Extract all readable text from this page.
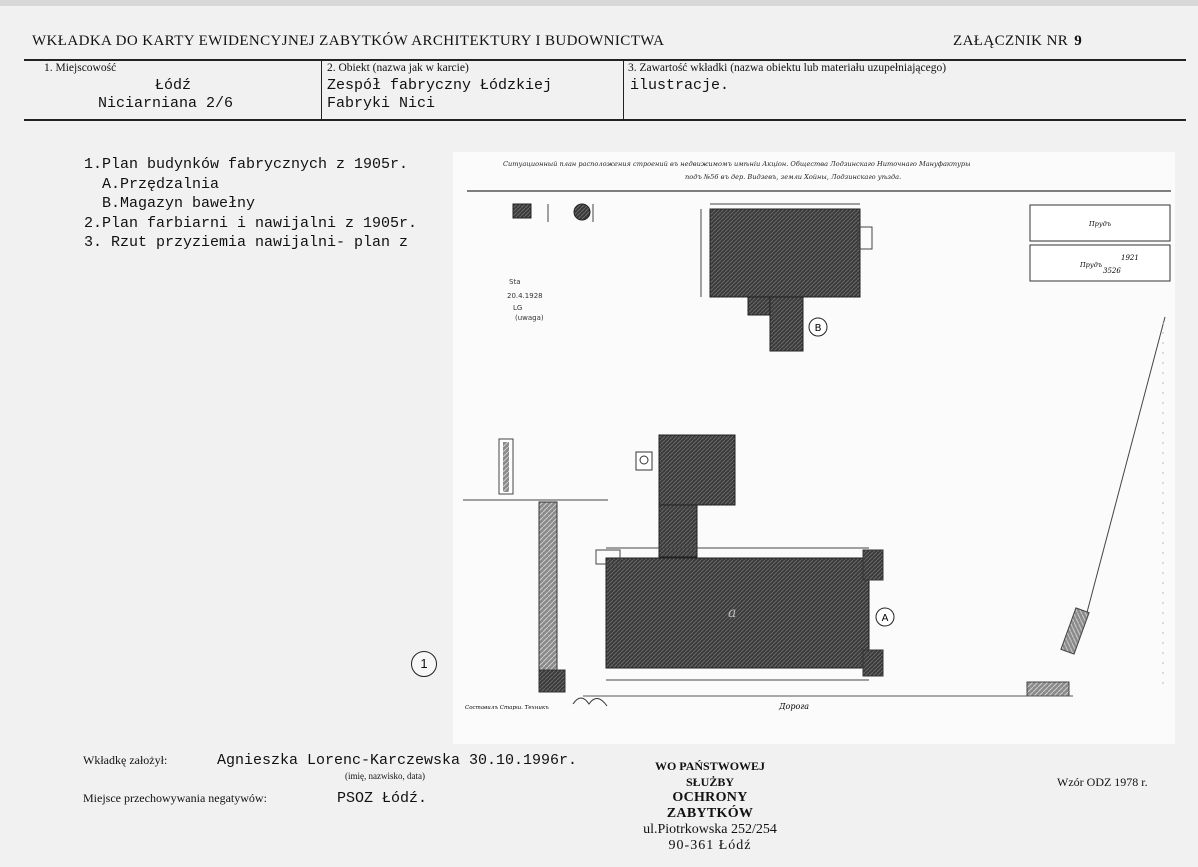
WKŁADKA DO KARTY EWIDENCYJNEJ ZABYTKÓW ARCHITEKTURY I BUDOWNICTWA	ZAŁĄCZNIK NR 9
1. Miejscowość
Łódź
Niciarniana 2/6
2. Obiekt (nazwa jak w karcie)
Zespół fabryczny Łódzkiej
Fabryki Nici
3. Zawartość wkładki (nazwa obiektu lub materiału uzupełniającego)
ilustracje.
1.Plan budynków fabrycznych z 1905r.
A.Przędzalnia
B.Magazyn bawełny
2.Plan farbiarni i nawijalni z 1905r.
3. Rzut przyziemia nawijalni- plan z
Ситуационный план расположения строений въ недвижимомъ имѣніи Акцiон. Общества Лодзинскаго Ниточнаго Мануфактуры
подъ №56 въ дер. Видзевъ, земли Хойны, Лодзинскаго уѣзда.
Sta 20.4.1928 LG (uwaga)
B
Прудъ
Прудъ
1921
3526
a	A
Дорога
Составилъ Старш. Техникъ
1
Wkładkę założył:	Agnieszka Lorenc-Karczewska 30.10.1996r.
(imię, nazwisko, data)
Miejsce przechowywania negatywów:	PSOZ Łódź.
WO PAŃSTWOWEJ SŁUŻBY
OCHRONY ZABYTKÓW
ul.Piotrkowska 252/254
90-361 Łódź
Wzór ODZ 1978 r.
